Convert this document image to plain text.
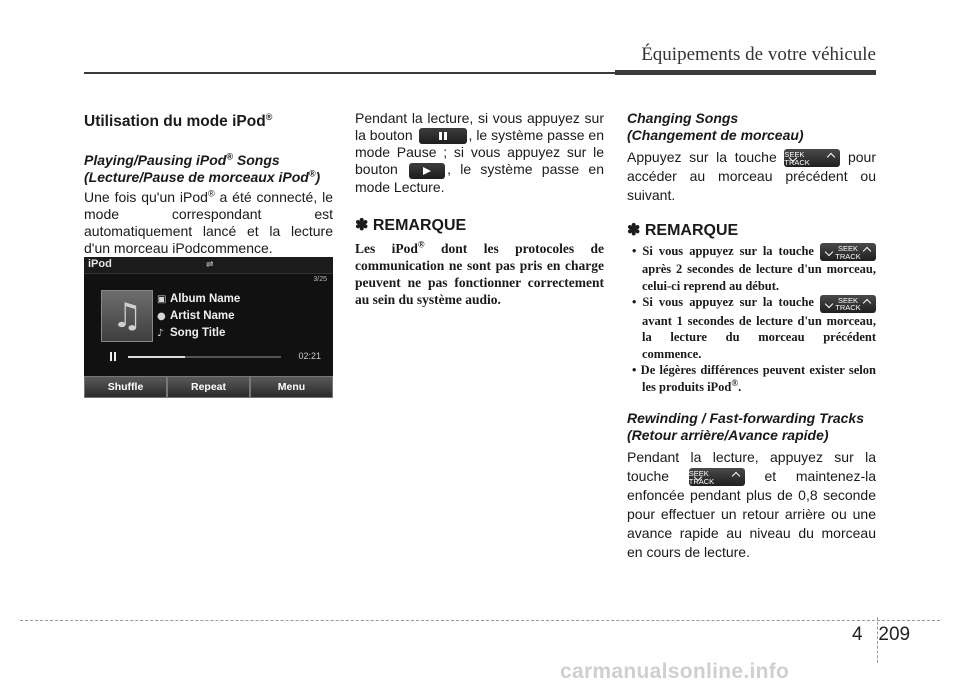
Équipements de votre véhicule
Utilisation du mode iPod®
Playing/Pausing iPod® Songs
(Lecture/Pause de morceaux iPod®)
Une fois qu'un iPod® a été connecté, le mode correspondant est automatiquement lancé et la lecture d'un morceau iPodcommence.
iPod	⇌
3/25
♫ ▣ Album Name
● Artist Name
♪ Song Title
02:21
Shuffle	Repeat	Menu
Pendant la lecture, si vous appuyez sur la bouton	, le système passe en mode Pause ; si vous appuyez sur le bouton	, le système passe en mode Lecture.
✽ REMARQUE
Les iPod® dont les protocoles de communication ne sont pas pris en charge peuvent ne pas fonctionner correctement au sein du système audio.
Changing Songs
(Changement de morceau)
Appuyez sur la touche SEEK
TRACK	pour accéder au morceau précédent ou suivant.
✽ REMARQUE
• Si vous appuyez sur la touche	SEEK
TRACK
après 2 secondes de lecture d'un morceau, celui-ci reprend au début.
• Si vous appuyez sur la touche	SEEK
TRACK
avant 1 secondes de lecture d'un morceau, la lecture du morceau précédent commence.
• De légères différences peuvent exister selon les produits iPod®.
Rewinding / Fast-forwarding Tracks
(Retour arrière/Avance rapide)
Pendant la lecture, appuyez sur la touche	SEEK
TRACK	et maintenez-la enfoncée pendant plus de 0,8 seconde pour effectuer un retour arrière ou une avance rapide au niveau du morceau en cours de lecture.
4 209
carmanualsonline.info
